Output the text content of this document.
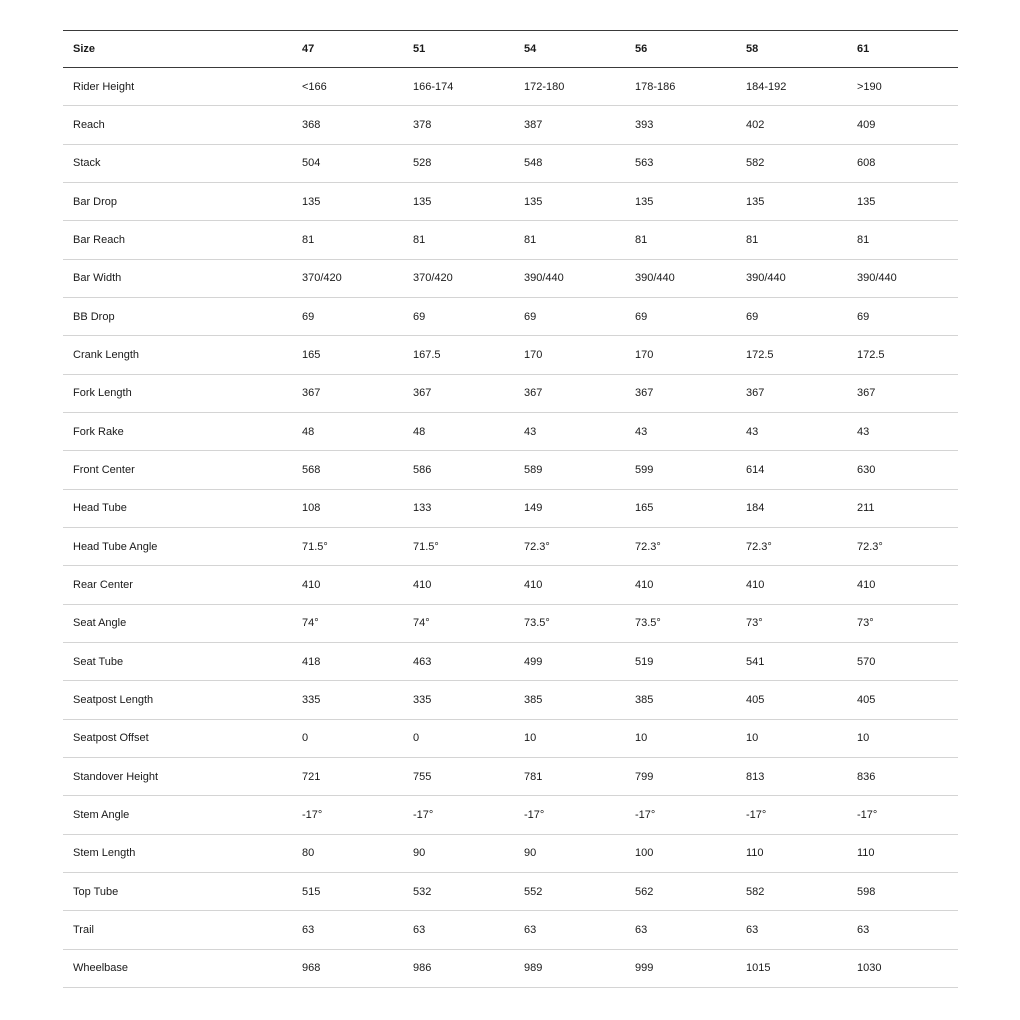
Size	47	51	54	56	58	61
Rider Height	<166	166-174	172-180	178-186	184-192	>190
Reach	368	378	387	393	402	409
Stack	504	528	548	563	582	608
Bar Drop	135	135	135	135	135	135
Bar Reach	81	81	81	81	81	81
Bar Width	370/420	370/420	390/440	390/440	390/440	390/440
BB Drop	69	69	69	69	69	69
Crank Length	165	167.5	170	170	172.5	172.5
Fork Length	367	367	367	367	367	367
Fork Rake	48	48	43	43	43	43
Front Center	568	586	589	599	614	630
Head Tube	108	133	149	165	184	211
Head Tube Angle	71.5°	71.5°	72.3°	72.3°	72.3°	72.3°
Rear Center	410	410	410	410	410	410
Seat Angle	74°	74°	73.5°	73.5°	73°	73°
Seat Tube	418	463	499	519	541	570
Seatpost Length	335	335	385	385	405	405
Seatpost Offset	0	0	10	10	10	10
Standover Height	721	755	781	799	813	836
Stem Angle	-17°	-17°	-17°	-17°	-17°	-17°
Stem Length	80	90	90	100	110	110
Top Tube	515	532	552	562	582	598
Trail	63	63	63	63	63	63
Wheelbase	968	986	989	999	1015	1030
